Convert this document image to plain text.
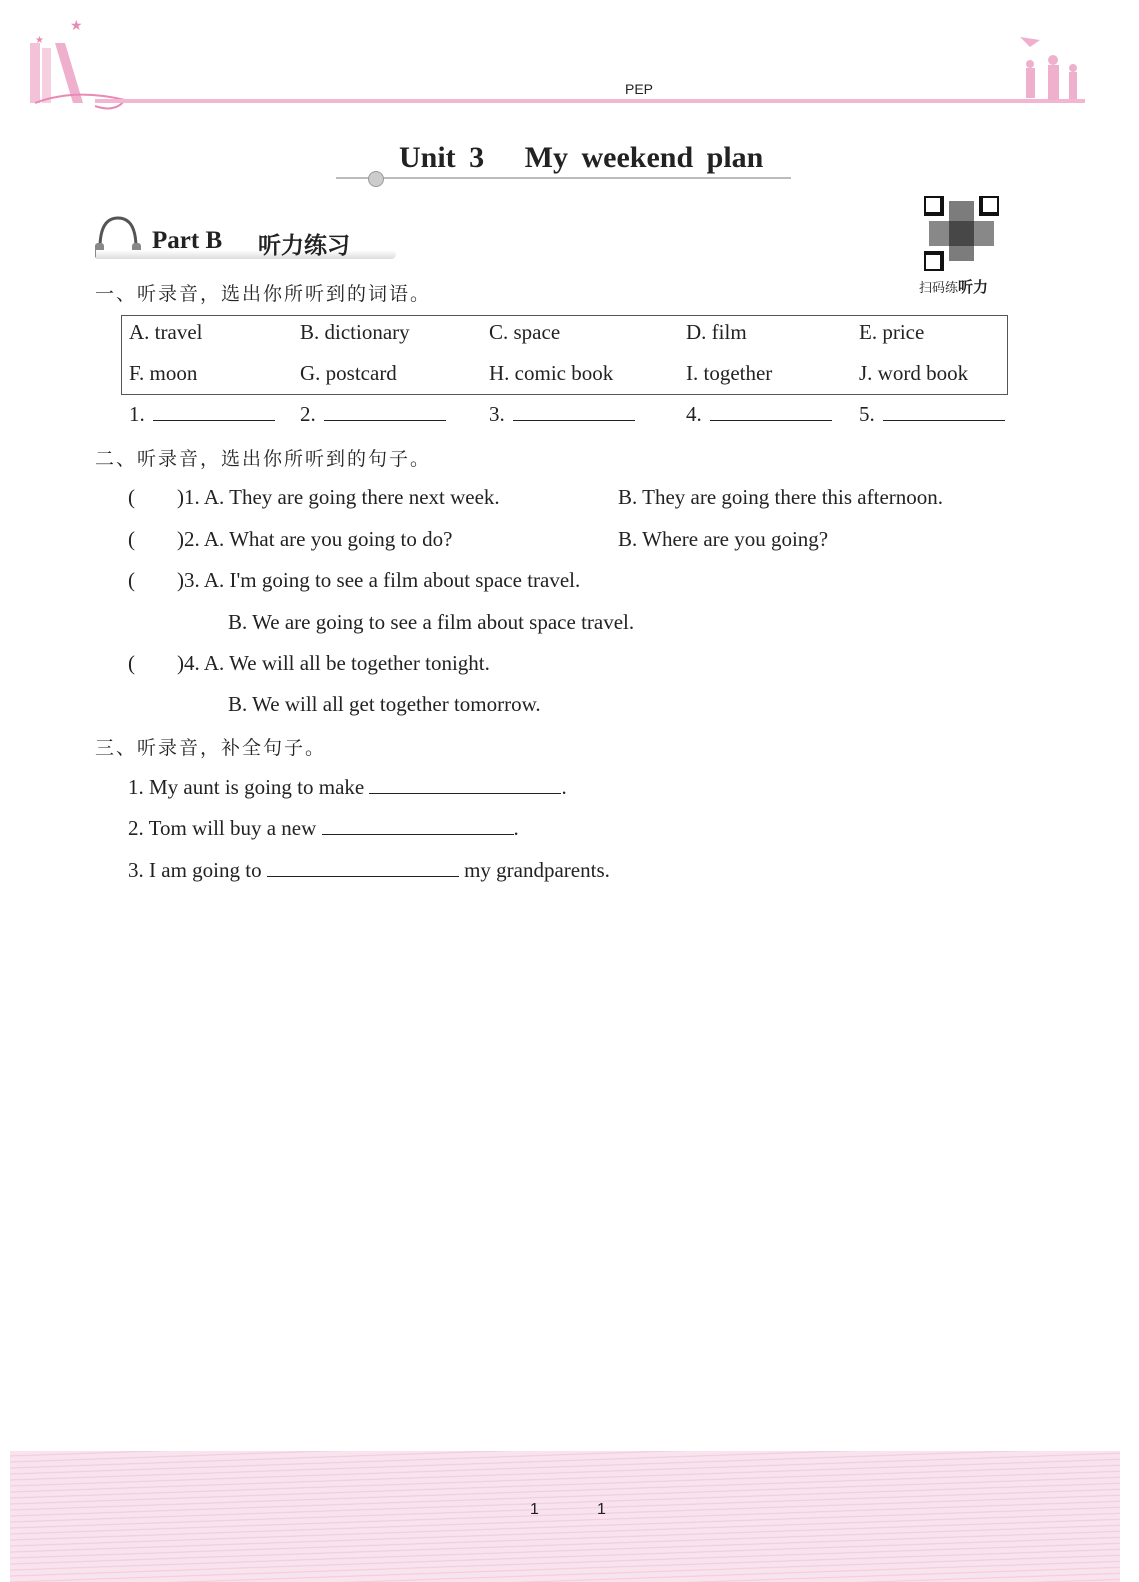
★
★
PEP
Unit 3   My weekend plan
Part B 听力练习
扫码练听力
一、听录音，选出你所听到的词语。
A. travel	B. dictionary	C. space	D. film	E. price
F. moon	G. postcard	H. comic book	I. together	J. word book
1.	2.	3.	4.	5.
二、听录音，选出你所听到的句子。
(        )1. A. They are going there next week.	B. They are going there this afternoon.
(        )2. A. What are you going to do?	B. Where are you going?
(        )3. A. I'm going to see a film about space travel.
B. We are going to see a film about space travel.
(        )4. A. We will all be together tonight.
B. We will all get together tomorrow.
三、听录音，补全句子。
1. My aunt is going to make	.
2. Tom will buy a new	.
3. I am going to	my grandparents.
1	1
